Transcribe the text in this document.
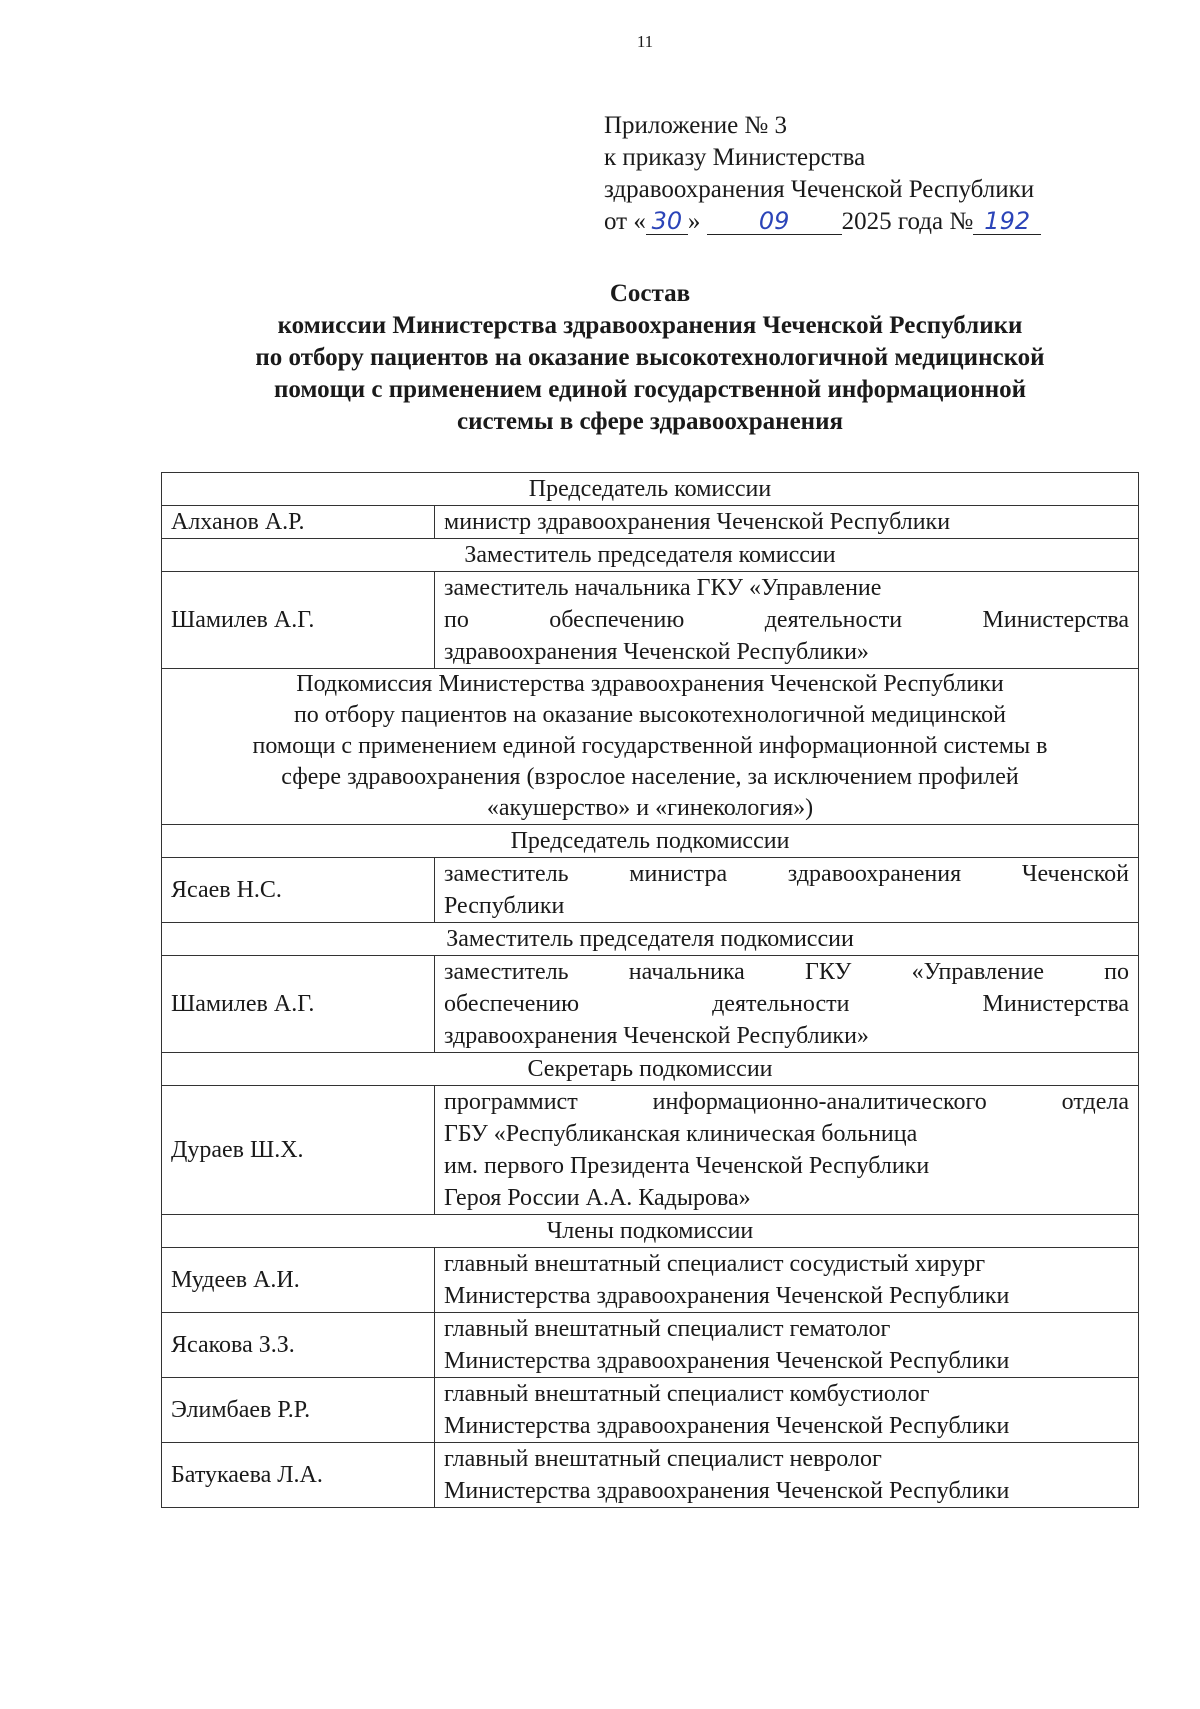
11
Приложение № 3
к приказу Министерства
здравоохранения Чеченской Республики
от « 30 » 09 2025 года № 192
Состав
комиссии Министерства здравоохранения Чеченской Республики
по отбору пациентов на оказание высокотехнологичной медицинской
помощи с применением единой государственной информационной
системы в сфере здравоохранения
Председатель комиссии	
Алханов А.Р.	министр здравоохранения Чеченской Республики

Заместитель председателя комиссии	
Шамилев А.Г.	заместитель начальника ГКУ «Управление
по обеспечению деятельности Министерства
здравоохранения Чеченской Республики»

Подкомиссия Министерства здравоохранения Чеченской Республики
по отбору пациентов на оказание высокотехнологичной медицинской
помощи с применением единой государственной информационной системы в
сфере здравоохранения (взрослое население, за исключением профилей
«акушерство» и «гинекология»)	

Председатель подкомиссии	
Ясаев Н.С.	заместитель министра здравоохранения Чеченской
Республики

Заместитель председателя подкомиссии	
Шамилев А.Г.	заместитель начальника ГКУ «Управление по
обеспечению деятельности Министерства
здравоохранения Чеченской Республики»

Секретарь подкомиссии	
Дураев Ш.Х.	программист информационно-аналитического отдела
ГБУ «Республиканская клиническая больница
им. первого Президента Чеченской Республики
Героя России А.А. Кадырова»

Члены подкомиссии	
Мудеев А.И.	главный внештатный специалист сосудистый хирург
Министерства здравоохранения Чеченской Республики

Ясакова З.З.	главный внештатный специалист гематолог
Министерства здравоохранения Чеченской Республики

Элимбаев Р.Р.	главный внештатный специалист комбустиолог
Министерства здравоохранения Чеченской Республики

Батукаева Л.А.	главный внештатный специалист невролог
Министерства здравоохранения Чеченской Республики
